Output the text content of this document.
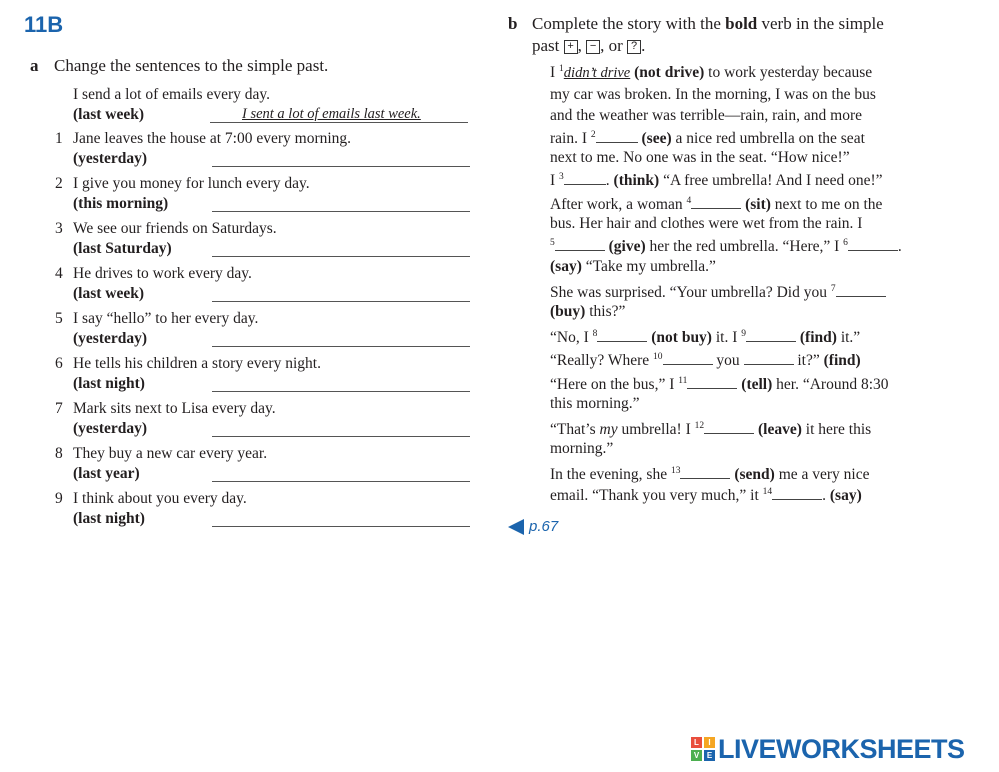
11B
a Change the sentences to the simple past.
I send a lot of emails every day.
(last week)	I sent a lot of emails last week.
1 Jane leaves the house at 7:00 every morning.
(yesterday)
2 I give you money for lunch every day.
(this morning)
3 We see our friends on Saturdays.
(last Saturday)
4 He drives to work every day.
(last week)
5 I say “hello” to her every day.
(yesterday)
6 He tells his children a story every night.
(last night)
7 Mark sits next to Lisa every day.
(yesterday)
8 They buy a new car every year.
(last year)
9 I think about you every day.
(last night)
b Complete the story with the bold verb in the simple
past + , − , or ? .
I $^1$didn’t drive (not drive) to work yesterday because
my car was broken. In the morning, I was on the bus
and the weather was terrible—rain, rain, and more
rain. I $^2$	(see) a nice red umbrella on the seat
next to me. No one was in the seat. “How nice!”
I $^3$	. (think) “A free umbrella! And I need one!”
After work, a woman $^4$	(sit) next to me on the
bus. Her hair and clothes were wet from the rain. I
$^5$	(give) her the red umbrella. “Here,” I $^6$	.
(say) “Take my umbrella.”
She was surprised. “Your umbrella? Did you $^7$
(buy) this?”
“No, I $^8$	(not buy) it. I $^9$	(find) it.”
“Really? Where $^{10}$	you	it?” (find)
“Here on the bus,” I $^{11}$	(tell) her. “Around 8:30
this morning.”
“That’s my umbrella! I $^{12}$	(leave) it here this
morning.”
In the evening, she $^{13}$	(send) me a very nice
email. “Thank you very much,” it $^{14}$	. (say)
p.67
L	I
V E LIVEWORKSHEETS
